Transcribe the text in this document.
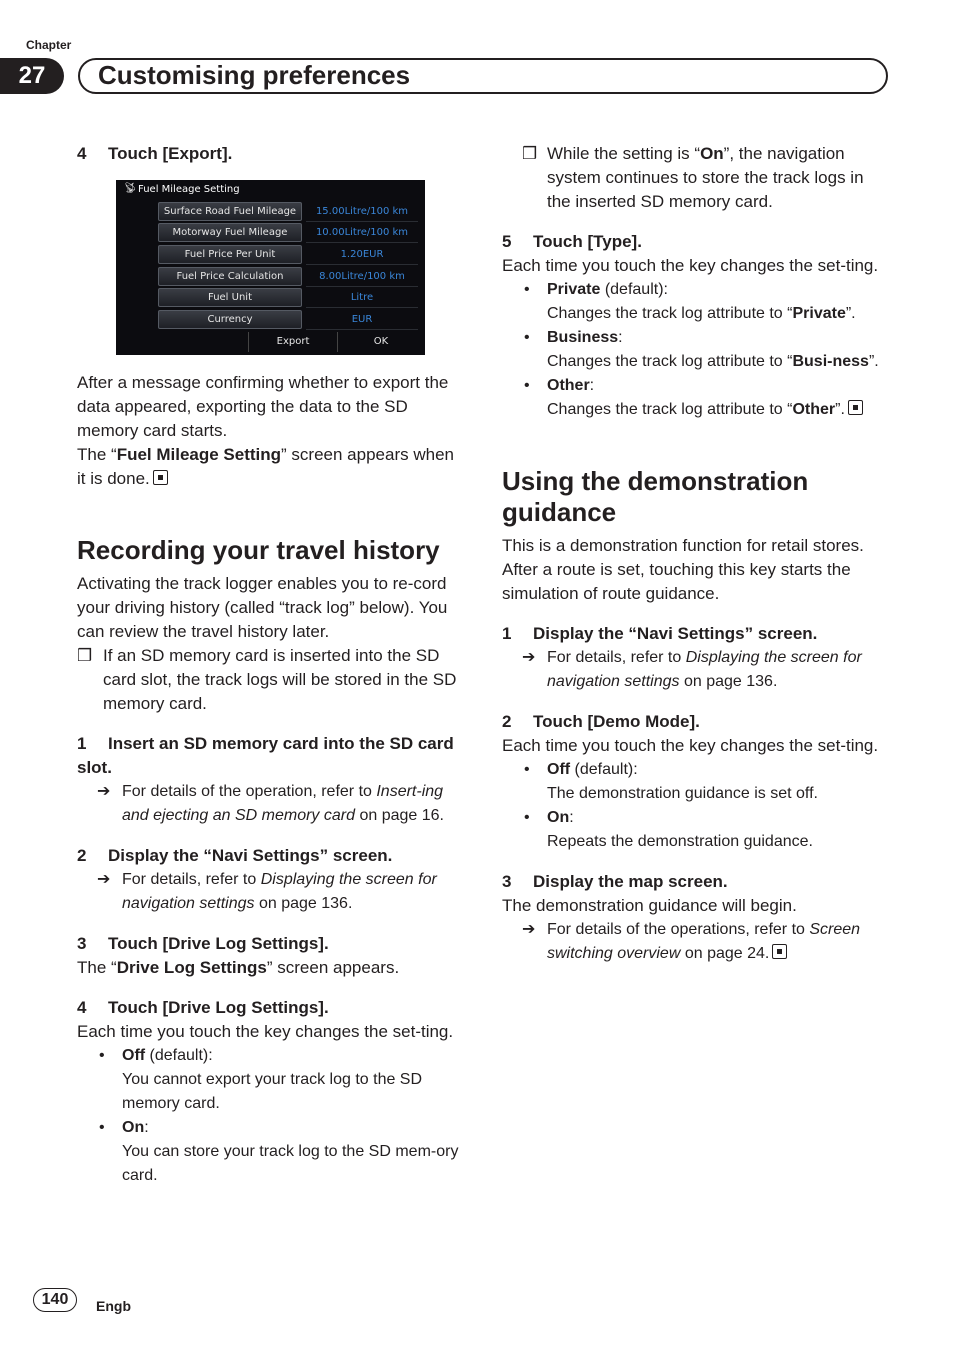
Chapter
27	Customising preferences

4 Touch [Export].

📡︎ Fuel Mileage Setting
Surface Road Fuel Mileage	15.00Litre/100 km
Motorway Fuel Mileage	10.00Litre/100 km
Fuel Price Per Unit	1.20EUR
Fuel Price Calculation	8.00Litre/100 km
Fuel Unit	Litre
Currency	EUR
Export	OK

After a message confirming whether to export the data appeared, exporting the data to the SD memory card starts.

The “Fuel Mileage Setting” screen appears when it is done.

Recording your travel history

Activating the track logger enables you to re-cord your driving history (called “track log” below). You can review the travel history later.

❒ If an SD memory card is inserted into the SD card slot, the track logs will be stored in the SD memory card.

1 Insert an SD memory card into the SD card slot.

➔ For details of the operation, refer to Insert-ing and ejecting an SD memory card on page 16.

2 Display the “Navi Settings” screen.

➔ For details, refer to Displaying the screen for navigation settings on page 136.

3 Touch [Drive Log Settings].

The “Drive Log Settings” screen appears.

4 Touch [Drive Log Settings].

Each time you touch the key changes the set-ting.

• Off (default):

You cannot export your track log to the SD memory card.

• On:

You can store your track log to the SD mem-ory card.

❒ While the setting is “On”, the navigation system continues to store the track logs in the inserted SD memory card.

5 Touch [Type].

Each time you touch the key changes the set-ting.

• Private (default):

Changes the track log attribute to “Private”.

• Business:

Changes the track log attribute to “Busi-ness”.

• Other:

Changes the track log attribute to “Other”.

Using the demonstration guidance

This is a demonstration function for retail stores. After a route is set, touching this key starts the simulation of route guidance.

1 Display the “Navi Settings” screen.

➔ For details, refer to Displaying the screen for navigation settings on page 136.

2 Touch [Demo Mode].

Each time you touch the key changes the set-ting.

• Off (default):

The demonstration guidance is set off.

• On:

Repeats the demonstration guidance.

3 Display the map screen.

The demonstration guidance will begin.

➔ For details of the operations, refer to Screen switching overview on page 24.

140	Engb
